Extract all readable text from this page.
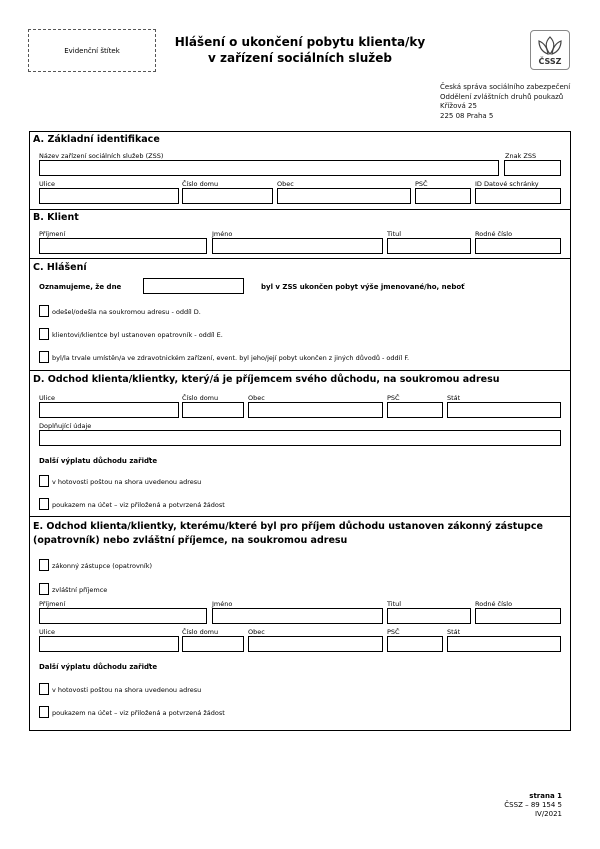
Evidenční štítek
Hlášení o ukončení pobytu klienta/ky
v zařízení sociálních služeb	ČSSZ
Česká správa sociálního zabezpečení
Oddělení zvláštních druhů poukazů
Křížová 25
225 08 Praha 5
A. Základní identifikace
Název zařízení sociálních služeb (ZSS)	Znak ZSS
Ulice	Číslo domu	Obec	PSČ	ID Datové schránky
B. Klient
Příjmení	Jméno	Titul	Rodné číslo
C. Hlášení
Oznamujeme, že dne	byl v ZSS ukončen pobyt výše jmenované/ho, neboť
odešel/odešla na soukromou adresu - oddíl D.
klientovi/klientce byl ustanoven opatrovník - oddíl E.
byl/la trvale umístěn/a ve zdravotnickém zařízení, event. byl jeho/její pobyt ukončen z jiných důvodů - oddíl F.
D. Odchod klienta/klientky, který/á je příjemcem svého důchodu, na soukromou adresu
Ulice	Číslo domu	Obec	PSČ	Stát
Doplňující údaje
Další výplatu důchodu zařiďte
v hotovosti poštou na shora uvedenou adresu
poukazem na účet – viz přiložená a potvrzená žádost
E. Odchod klienta/klientky, kterému/které byl pro příjem důchodu ustanoven zákonný zástupce
(opatrovník) nebo zvláštní příjemce, na soukromou adresu
zákonný zástupce (opatrovník)
zvláštní příjemce
Příjmení	Jméno	Titul	Rodné číslo
Ulice	Číslo domu	Obec	PSČ	Stát
Další výplatu důchodu zařiďte
v hotovosti poštou na shora uvedenou adresu
poukazem na účet – viz přiložená a potvrzená žádost
strana 1
ČSSZ – 89 154 5
IV/2021
